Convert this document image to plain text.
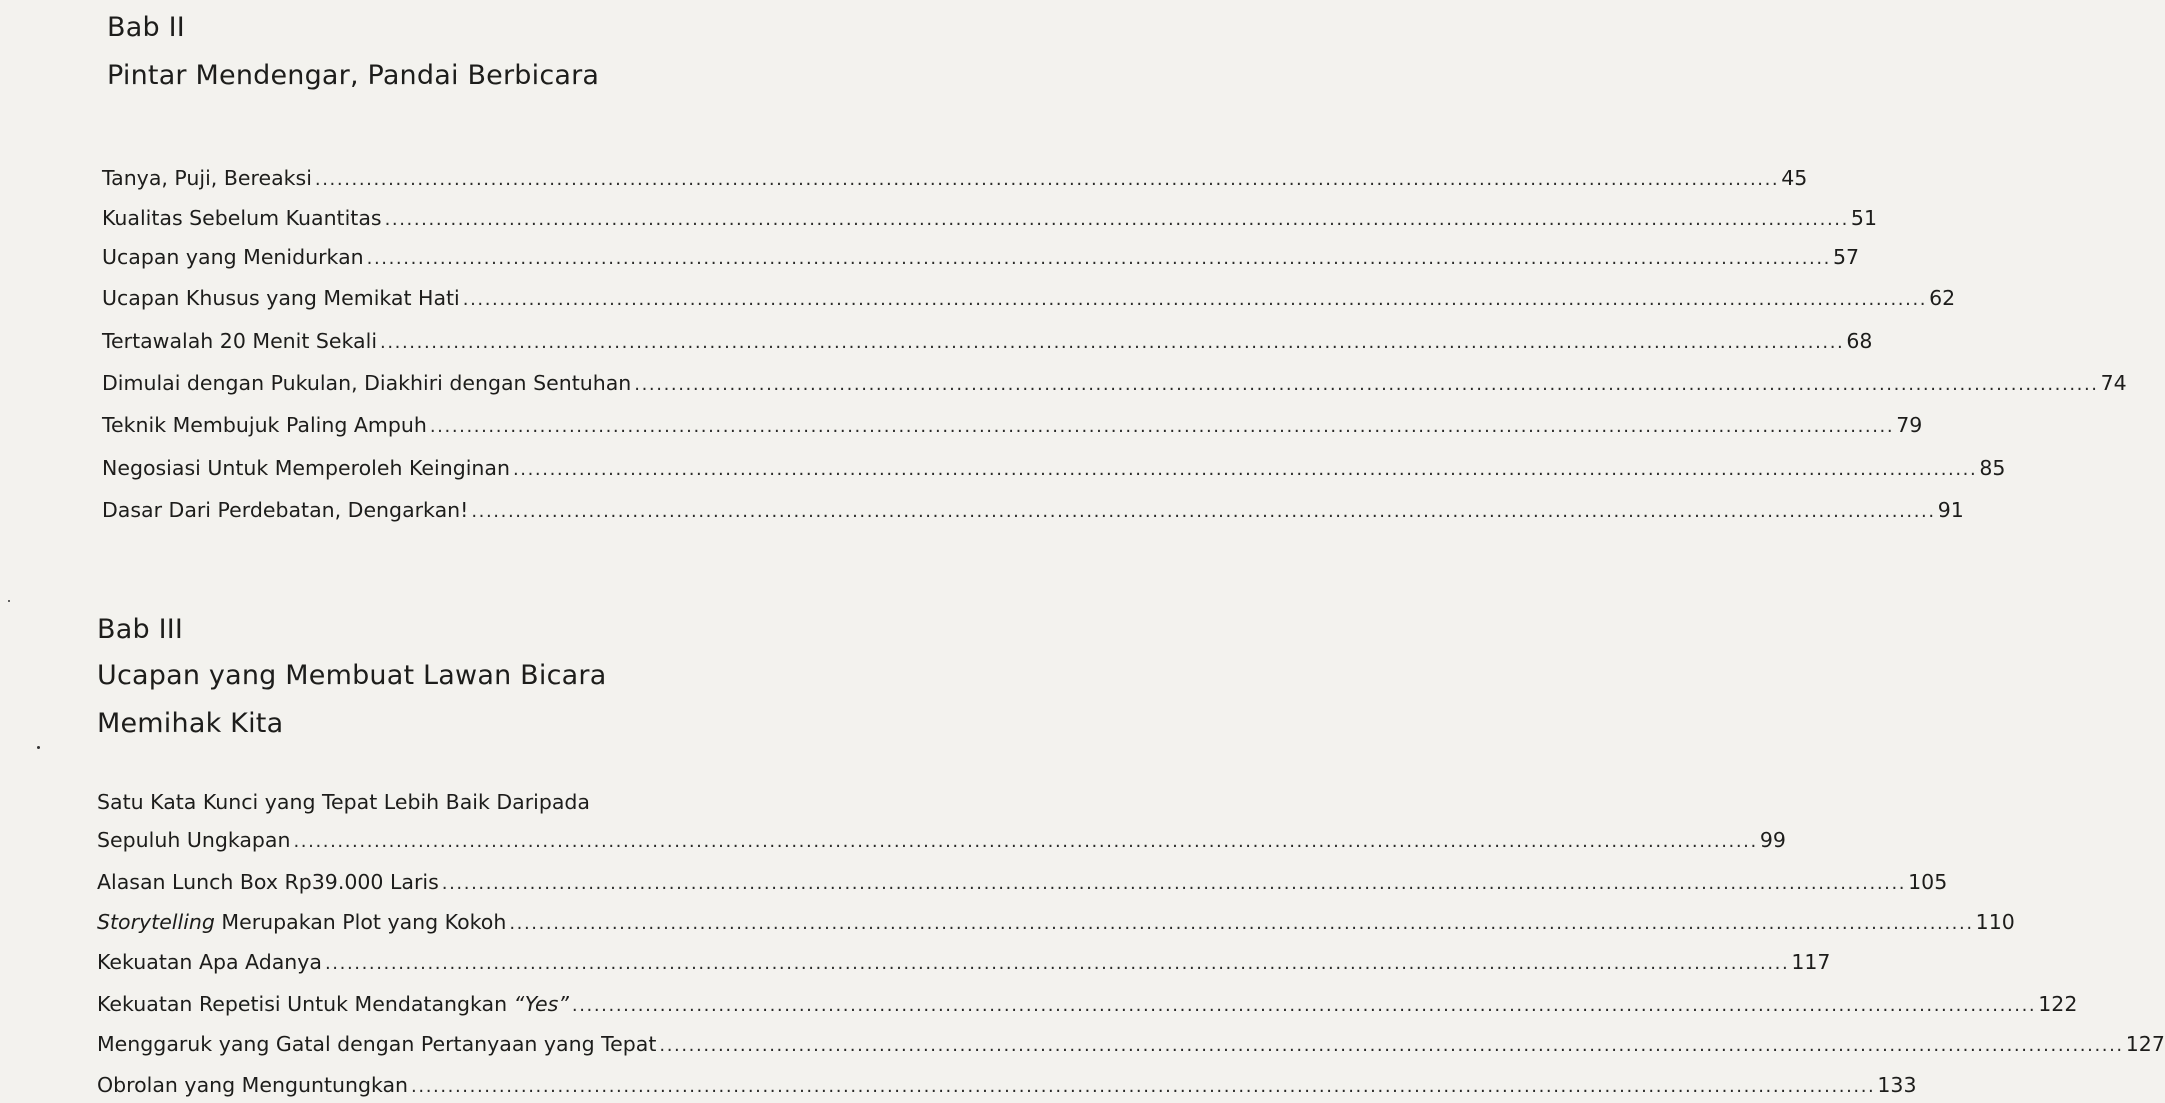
Bab II
Pintar Mendengar, Pandai Berbicara
Tanya, Puji, Bereaksi ........................................................................................................................................................................................................ 45
Kualitas Sebelum Kuantitas ........................................................................................................................................................................................................ 51
Ucapan yang Menidurkan ........................................................................................................................................................................................................ 57
Ucapan Khusus yang Memikat Hati ........................................................................................................................................................................................................ 62
Tertawalah 20 Menit Sekali ........................................................................................................................................................................................................ 68
Dimulai dengan Pukulan, Diakhiri dengan Sentuhan ........................................................................................................................................................................................................ 74
Teknik Membujuk Paling Ampuh ........................................................................................................................................................................................................ 79
Negosiasi Untuk Memperoleh Keinginan ........................................................................................................................................................................................................ 85
Dasar Dari Perdebatan, Dengarkan! ........................................................................................................................................................................................................ 91
Bab III
Ucapan yang Membuat Lawan Bicara
Memihak Kita
Satu Kata Kunci yang Tepat Lebih Baik Daripada
Sepuluh Ungkapan ........................................................................................................................................................................................................ 99
Alasan Lunch Box Rp39.000 Laris ........................................................................................................................................................................................................ 105
Storytelling Merupakan Plot yang Kokoh ........................................................................................................................................................................................................ 110
Kekuatan Apa Adanya ........................................................................................................................................................................................................ 117
Kekuatan Repetisi Untuk Mendatangkan “Yes” ........................................................................................................................................................................................................ 122
Menggaruk yang Gatal dengan Pertanyaan yang Tepat ........................................................................................................................................................................................................ 127
Obrolan yang Menguntungkan ........................................................................................................................................................................................................ 133
